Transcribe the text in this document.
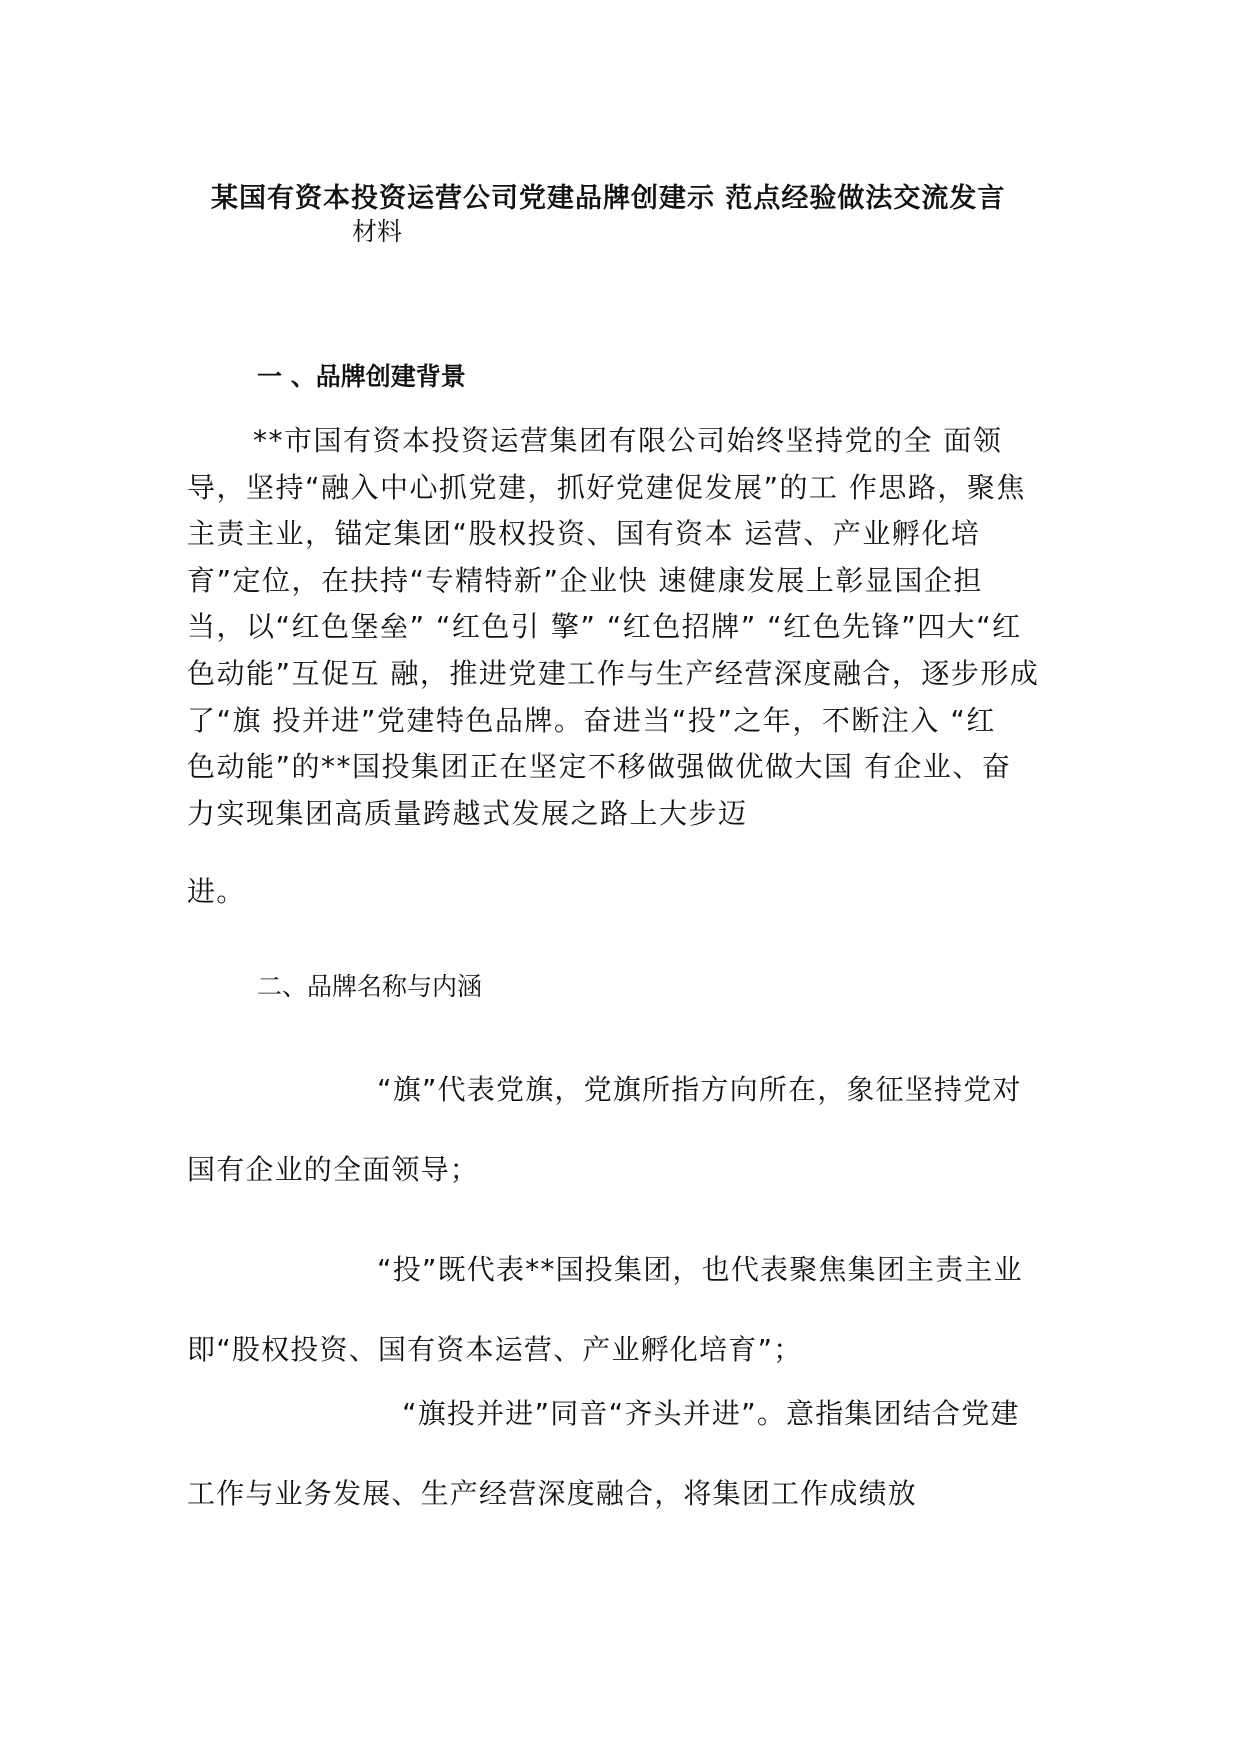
某国有资本投资运营公司党建品牌创建示 范点经验做法交流发言
材料
一 、品牌创建背景
**市国有资本投资运营集团有限公司始终坚持党的全 面领
导，坚持“融入中心抓党建，抓好党建促发展”的工 作思路，聚焦
主责主业，锚定集团“股权投资、国有资本 运营、产业孵化培
育”定位，在扶持“专精特新”企业快 速健康发展上彰显国企担
当，以“红色堡垒” “红色引 擎” “红色招牌” “红色先锋”四大“红
色动能”互促互 融，推进党建工作与生产经营深度融合，逐步形成
了“旗 投并进”党建特色品牌。奋进当“投”之年，不断注入 “红
色动能”的**国投集团正在坚定不移做强做优做大国 有企业、奋
力实现集团高质量跨越式发展之路上大步迈
进。
二、品牌名称与内涵
“旗”代表党旗，党旗所指方向所在，象征坚持党对
国有企业的全面领导；
“投”既代表**国投集团，也代表聚焦集团主责主业
即“股权投资、国有资本运营、产业孵化培育”；
“旗投并进”同音“齐头并进”。意指集团结合党建
工作与业务发展、生产经营深度融合，将集团工作成绩放
